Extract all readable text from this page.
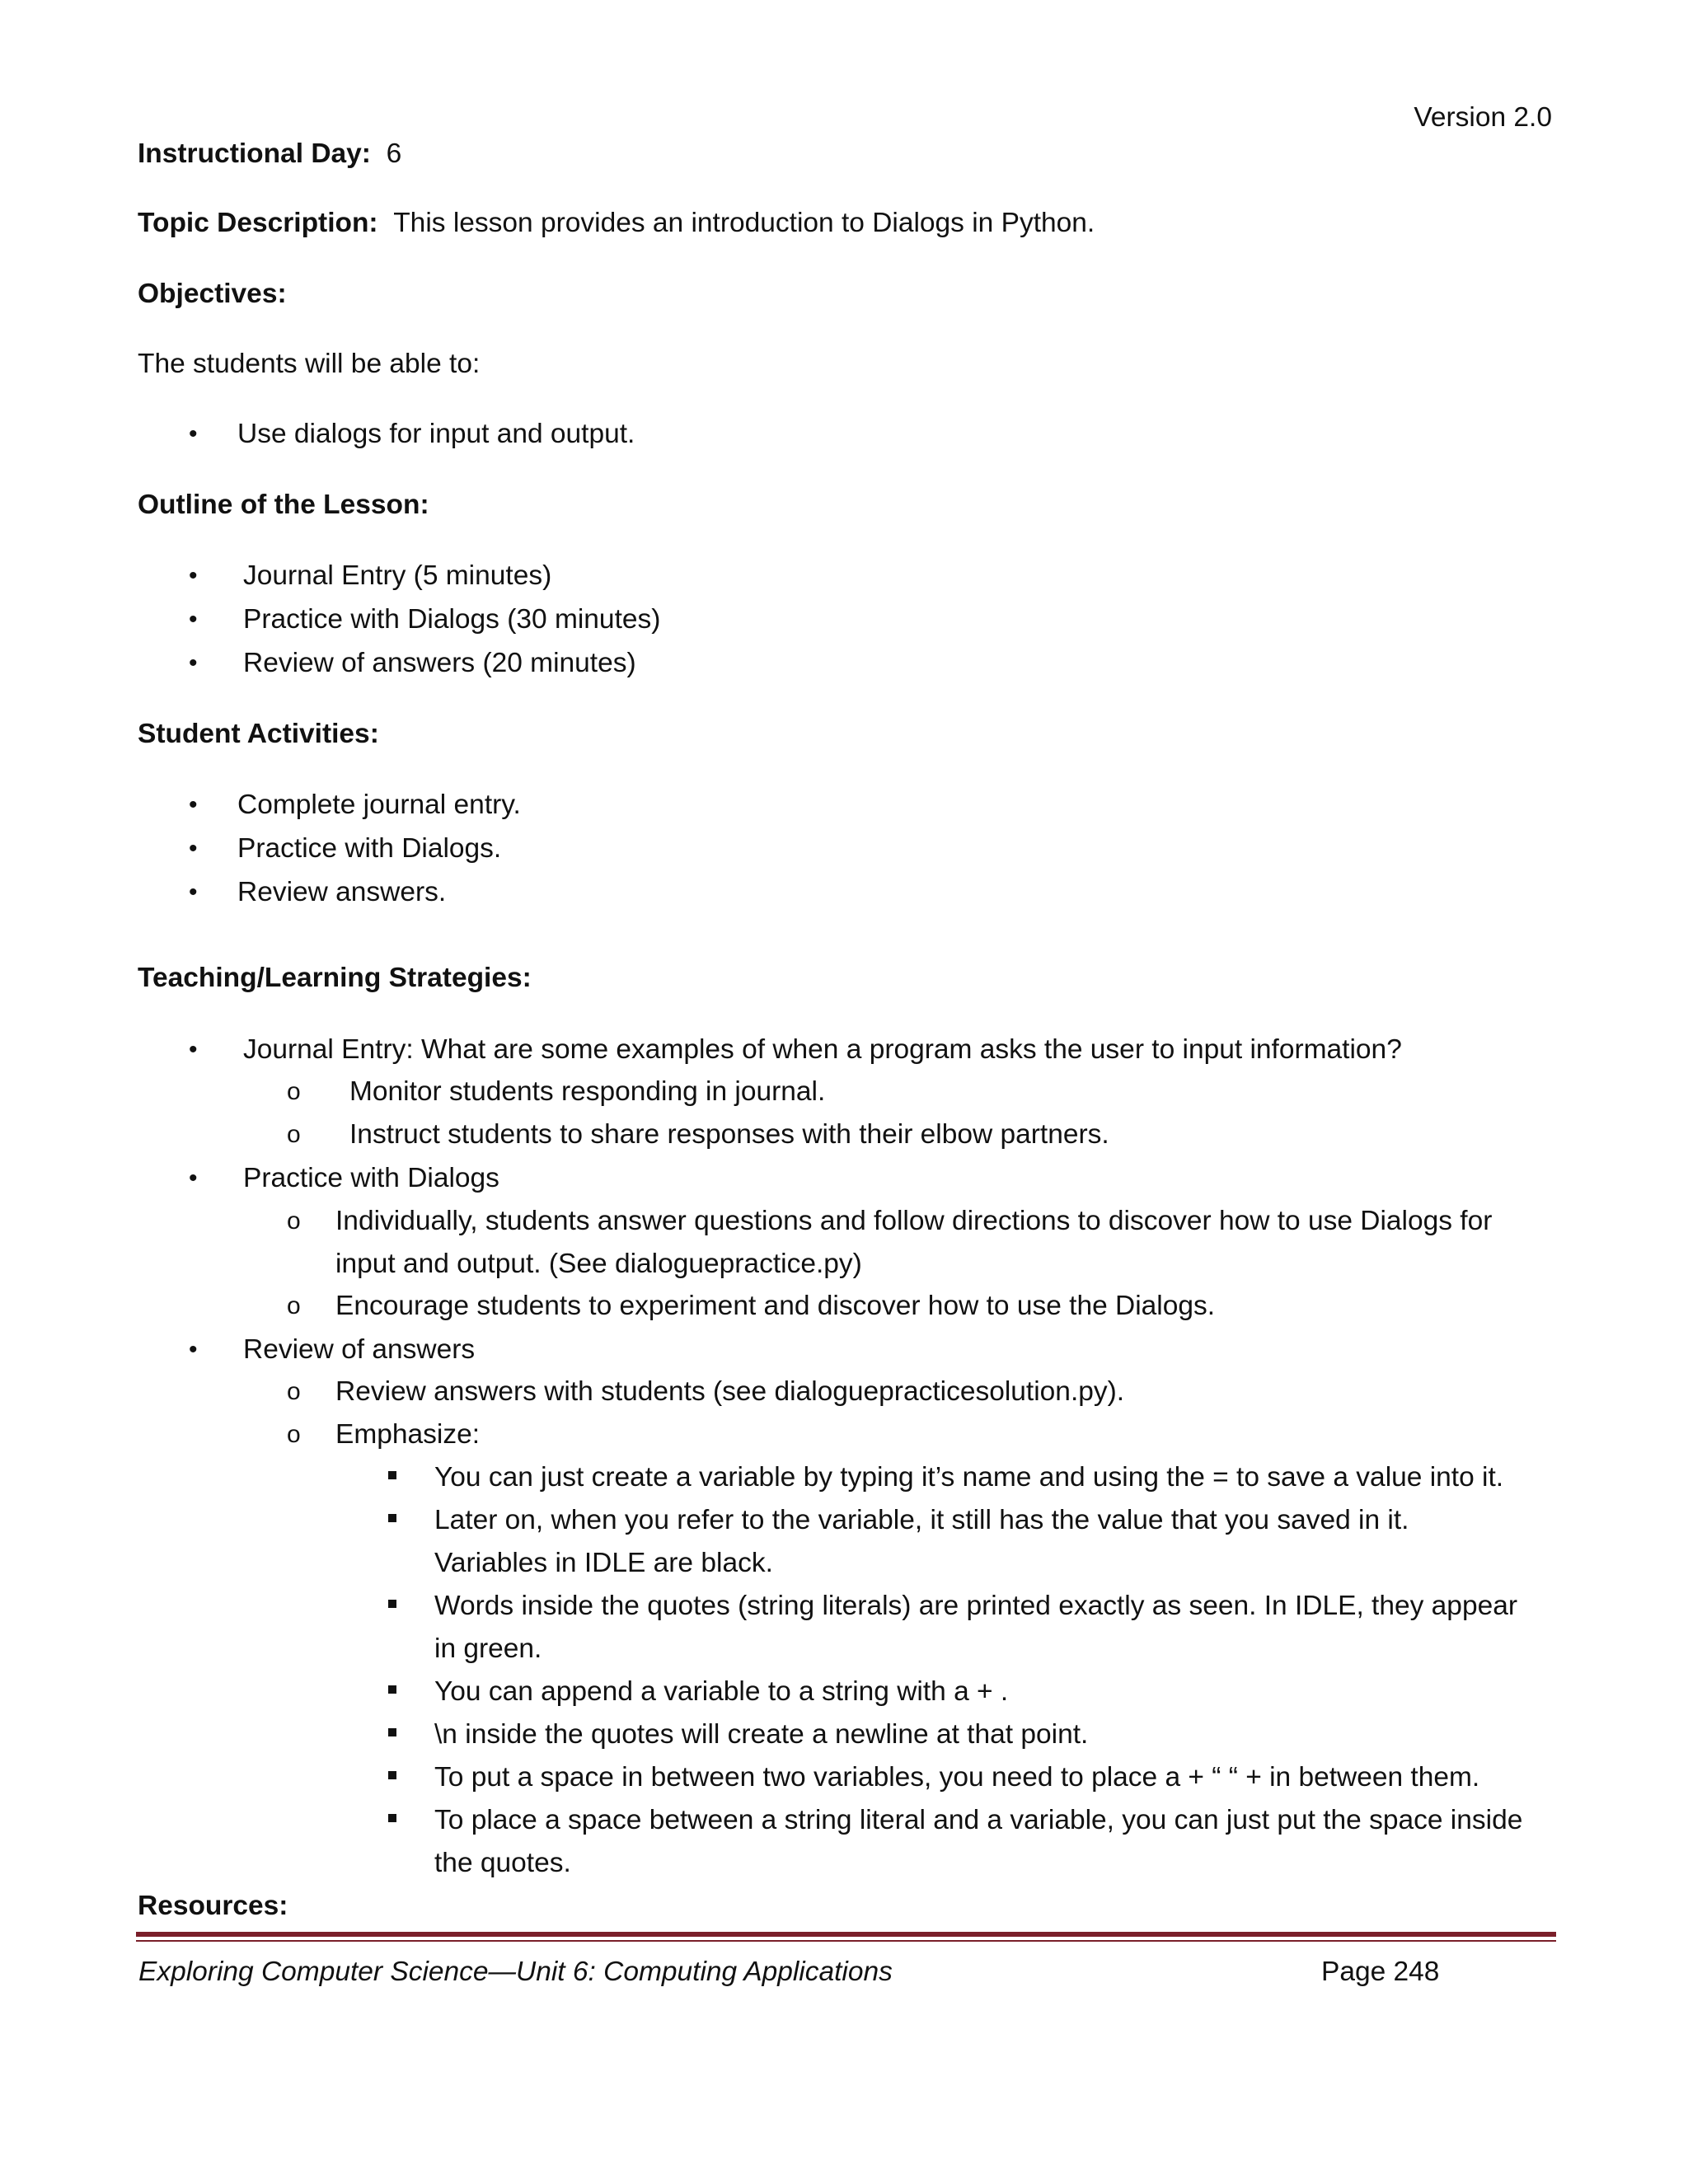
Version 2.0
Instructional Day: 6
Topic Description: This lesson provides an introduction to Dialogs in Python.
Objectives:
The students will be able to:
• Use dialogs for input and output.
Outline of the Lesson:
• Journal Entry (5 minutes)
• Practice with Dialogs (30 minutes)
• Review of answers (20 minutes)
Student Activities:
• Complete journal entry.
• Practice with Dialogs.
• Review answers.
Teaching/Learning Strategies:
• Journal Entry: What are some examples of when a program asks the user to input information?
o Monitor students responding in journal.
o Instruct students to share responses with their elbow partners.
• Practice with Dialogs
o Individually, students answer questions and follow directions to discover how to use Dialogs for
input and output. (See dialoguepractice.py)
o Encourage students to experiment and discover how to use the Dialogs.
• Review of answers
o Review answers with students (see dialoguepracticesolution.py).
o Emphasize:
You can just create a variable by typing it’s name and using the = to save a value into it.
Later on, when you refer to the variable, it still has the value that you saved in it.
Variables in IDLE are black.
Words inside the quotes (string literals) are printed exactly as seen. In IDLE, they appear
in green.
You can append a variable to a string with a + .
\n inside the quotes will create a newline at that point.
To put a space in between two variables, you need to place a + “ “ + in between them.
To place a space between a string literal and a variable, you can just put the space inside
the quotes.
Resources:
Exploring Computer Science—Unit 6: Computing Applications	Page 248
